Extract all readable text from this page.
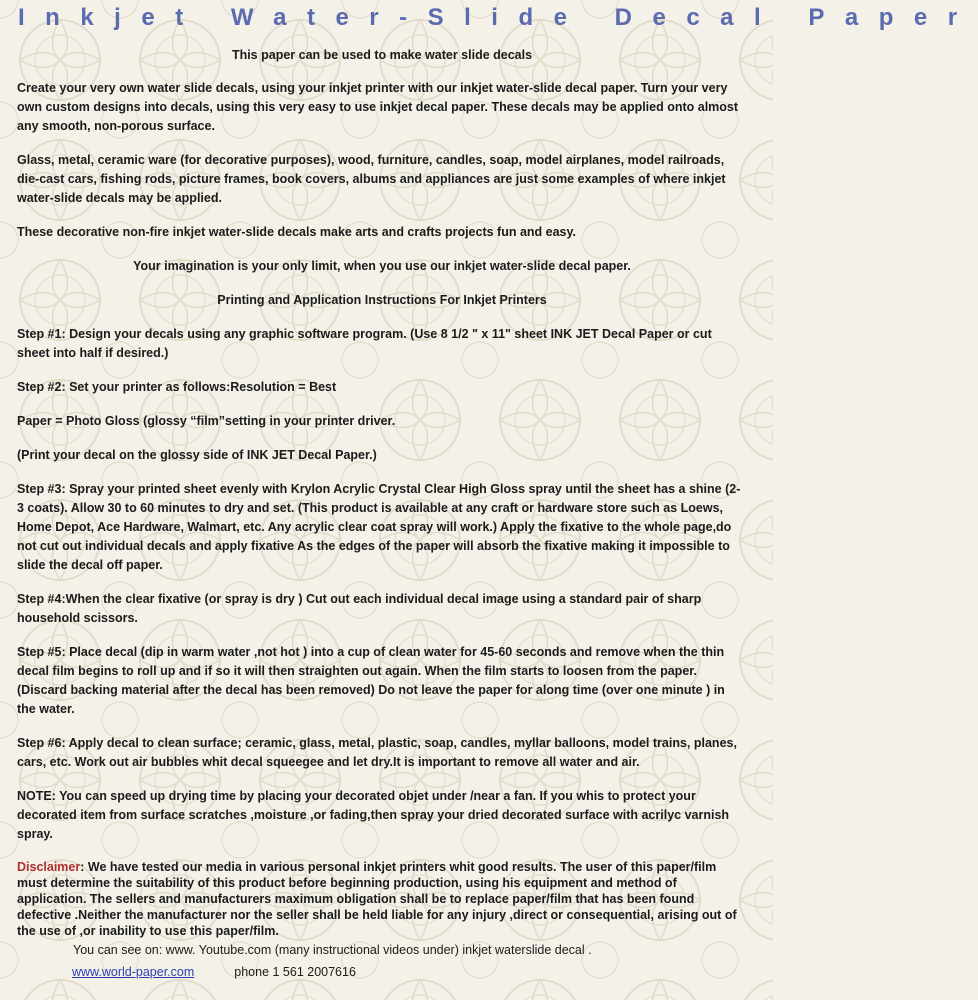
Inkjet Water-Slide Decal Paper

This paper can be used to make water slide decals

Create your very own water slide decals, using your inkjet printer with our inkjet water-slide decal paper. Turn your very own custom designs into decals, using this very easy to use inkjet decal paper. These decals may be applied onto almost any smooth, non-porous surface.

Glass, metal, ceramic ware (for decorative purposes), wood, furniture, candles, soap, model airplanes, model railroads, die-cast cars, fishing rods, picture frames, book covers, albums and appliances are just some examples of where inkjet water-slide decals may be applied.

These decorative non-fire inkjet water-slide decals make arts and crafts projects fun and easy.

Your imagination is your only limit, when you use our inkjet water-slide decal paper.

Printing and Application Instructions For Inkjet Printers

Step #1: Design your decals using any graphic software program. (Use 8 1/2 " x 11" sheet INK JET Decal Paper or cut sheet into half if desired.)

Step #2: Set your printer as follows:Resolution = Best

Paper = Photo Gloss (glossy “film”setting in your printer driver.

(Print your decal on the glossy side of INK JET Decal Paper.)

Step #3: Spray your printed sheet evenly with Krylon Acrylic Crystal Clear High Gloss spray until the sheet has a shine (2-3 coats). Allow 30 to 60 minutes to dry and set. (This product is available at any craft or hardware store such as Loews, Home Depot, Ace Hardware, Walmart, etc. Any acrylic clear coat spray will work.) Apply the fixative to the whole page,do not cut out individual decals and apply fixative As the edges of the paper will absorb the fixative making it impossible to slide the decal off paper.

Step #4:When the clear fixative (or spray is dry ) Cut out each individual decal image using a standard pair of sharp household scissors.

Step #5: Place decal (dip in warm water ,not hot ) into a cup of clean water for 45-60 seconds and remove when the thin decal film begins to roll up and if so it will then straighten out again. When the film starts to loosen from the paper. (Discard backing material after the decal has been removed) Do not leave the paper for along time (over one minute ) in the water.

Step #6: Apply decal to clean surface; ceramic, glass, metal, plastic, soap, candles, myllar balloons, model trains, planes, cars, etc. Work out air bubbles whit decal squeegee and let dry.It is important to remove all water and air.

NOTE: You can speed up drying time by placing your decorated objet under /near a fan. If you whis to protect your decorated item from surface scratches ,moisture ,or fading,then spray your dried decorated surface with acrilyc varnish spray.

Disclaimer: We have tested our media in various personal inkjet printers whit good results. The user of this paper/film must determine the suitability of this product before beginning production, using his equipment and method of application. The sellers and manufacturers maximum obligation shall be to replace paper/film that has been found defective .Neither the manufacturer nor the seller shall be held liable for any injury ,direct or consequential, arising out of the use of ,or inability to use this paper/film.

You can see on: www. Youtube.com (many instructional videos under) inkjet waterslide decal .

www.world-paper.com	phone 1 561 2007616
